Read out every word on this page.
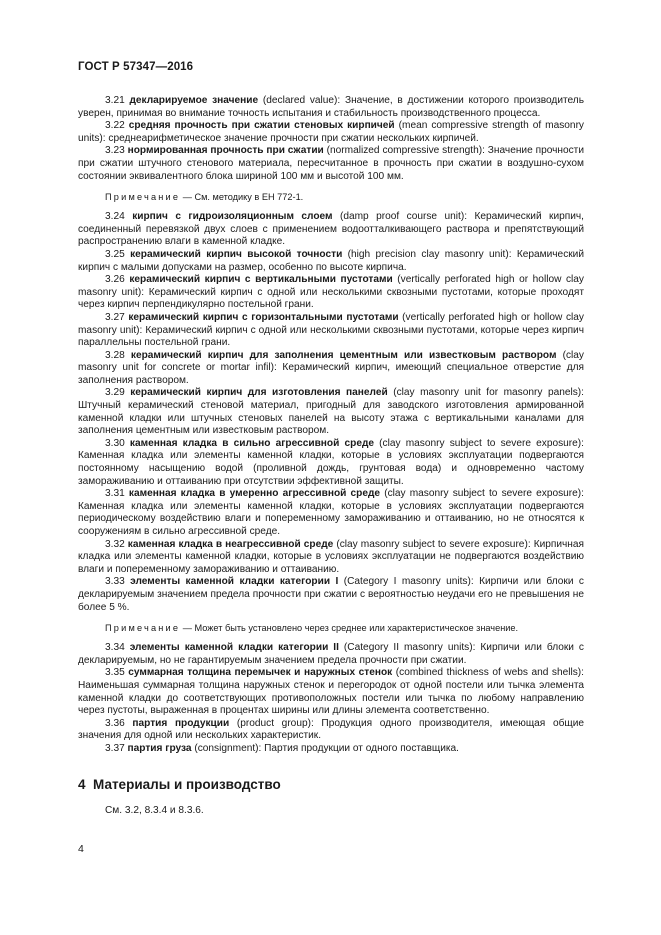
ГОСТ Р 57347—2016

3.21 декларируемое значение (declared value): Значение, в достижении которого производитель уверен, принимая во внимание точность испытания и стабильность производственного процесса.

3.22 средняя прочность при сжатии стеновых кирпичей (mean compressive strength of masonry units): среднеарифметическое значение прочности при сжатии нескольких кирпичей.

3.23 нормированная прочность при сжатии (normalized compressive strength): Значение прочности при сжатии штучного стенового материала, пересчитанное в прочность при сжатии в воздушно-сухом состоянии эквивалентного блока шириной 100 мм и высотой 100 мм.

Примечание — См. методику в ЕН 772-1.

3.24 кирпич с гидроизоляционным слоем (damp proof course unit): Керамический кирпич, соединенный перевязкой двух слоев с применением водоотталкивающего раствора и препятствующий распространению влаги в каменной кладке.

3.25 керамический кирпич высокой точности (high precision clay masonry unit): Керамический кирпич с малыми допусками на размер, особенно по высоте кирпича.

3.26 керамический кирпич с вертикальными пустотами (vertically perforated high or hollow clay masonry unit): Керамический кирпич с одной или несколькими сквозными пустотами, которые проходят через кирпич перпендикулярно постельной грани.

3.27 керамический кирпич с горизонтальными пустотами (vertically perforated high or hollow clay masonry unit): Керамический кирпич с одной или несколькими сквозными пустотами, которые через кирпич параллельны постельной грани.

3.28 керамический кирпич для заполнения цементным или известковым раствором (clay masonry unit for concrete or mortar infil): Керамический кирпич, имеющий специальное отверстие для заполнения раствором.

3.29 керамический кирпич для изготовления панелей (clay masonry unit for masonry panels): Штучный керамический стеновой материал, пригодный для заводского изготовления армированной каменной кладки или штучных стеновых панелей на высоту этажа с вертикальными каналами для заполнения цементным или известковым раствором.

3.30 каменная кладка в сильно агрессивной среде (clay masonry subject to severe exposure): Каменная кладка или элементы каменной кладки, которые в условиях эксплуатации подвергаются постоянному насыщению водой (проливной дождь, грунтовая вода) и одновременно частому замораживанию и оттаиванию при отсутствии эффективной защиты.

3.31 каменная кладка в умеренно агрессивной среде (clay masonry subject to severe exposure): Каменная кладка или элементы каменной кладки, которые в условиях эксплуатации подвергаются периодическому воздействию влаги и попеременному замораживанию и оттаиванию, но не относятся к сооружениям в сильно агрессивной среде.

3.32 каменная кладка в неагрессивной среде (clay masonry subject to severe exposure): Кирпичная кладка или элементы каменной кладки, которые в условиях эксплуатации не подвергаются воздействию влаги и попеременному замораживанию и оттаиванию.

3.33 элементы каменной кладки категории I (Category I masonry units): Кирпичи или блоки с декларируемым значением предела прочности при сжатии с вероятностью неудачи его не превышения не более 5 %.

Примечание — Может быть установлено через среднее или характеристическое значение.

3.34 элементы каменной кладки категории II (Category II masonry units): Кирпичи или блоки с декларируемым, но не гарантируемым значением предела прочности при сжатии.

3.35 суммарная толщина перемычек и наружных стенок (combined thickness of webs and shells): Наименьшая суммарная толщина наружных стенок и перегородок от одной постели или тычка элемента каменной кладки до соответствующих противоположных постели или тычка по любому направлению через пустоты, выраженная в процентах ширины или длины элемента соответственно.

3.36 партия продукции (product group): Продукция одного производителя, имеющая общие значения для одной или нескольких характеристик.

3.37 партия груза (consignment): Партия продукции от одного поставщика.

4 Материалы и производство

См. 3.2, 8.3.4 и 8.3.6.

4
